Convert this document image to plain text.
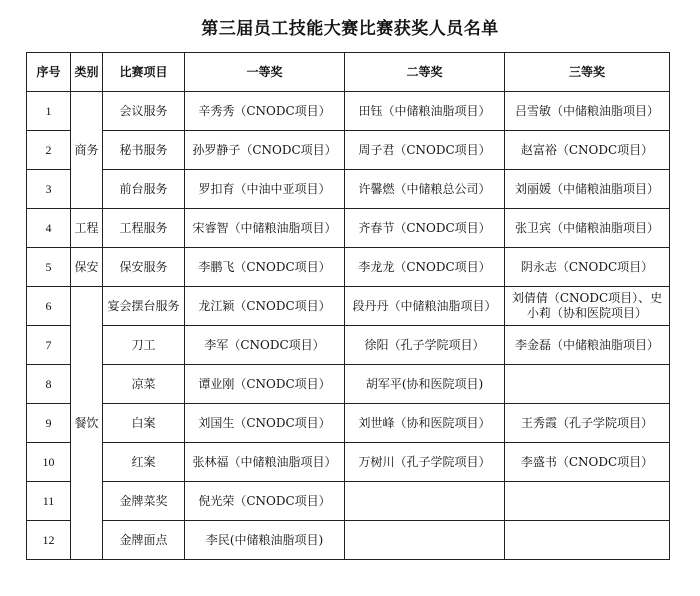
第三届员工技能大赛比赛获奖人员名单
序号	类别	比赛项目	一等奖	二等奖	三等奖
1	商务	会议服务	辛秀秀（CNODC项目）	田钰（中储粮油脂项目）	吕雪敏（中储粮油脂项目）
2		秘书服务	孙罗静子（CNODC项目）	周子君（CNODC项目）	赵富裕（CNODC项目）
3		前台服务	罗扣育（中油中亚项目）	许馨燃（中储粮总公司）	刘丽媛（中储粮油脂项目）
4	工程	工程服务	宋睿智（中储粮油脂项目）	齐春节（CNODC项目）	张卫宾（中储粮油脂项目）
5	保安	保安服务	李鹏飞（CNODC项目）	李龙龙（CNODC项目）	阴永志（CNODC项目）
6	餐饮	宴会摆台服务	龙江颖（CNODC项目）	段丹丹（中储粮油脂项目）	刘倩倩（CNODC项目）、史小莉（协和医院项目）
7		刀工	李军（CNODC项目）	徐阳（孔子学院项目）	李金磊（中储粮油脂项目）
8		凉菜	谭业刚（CNODC项目）	胡军平(协和医院项目)	
9		白案	刘国生（CNODC项目）	刘世峰（协和医院项目）	王秀霞（孔子学院项目）
10		红案	张林福（中储粮油脂项目）	万树川（孔子学院项目）	李盛书（CNODC项目）
11		金牌菜奖	倪光荣（CNODC项目）		
12		金牌面点	李民(中储粮油脂项目)		
